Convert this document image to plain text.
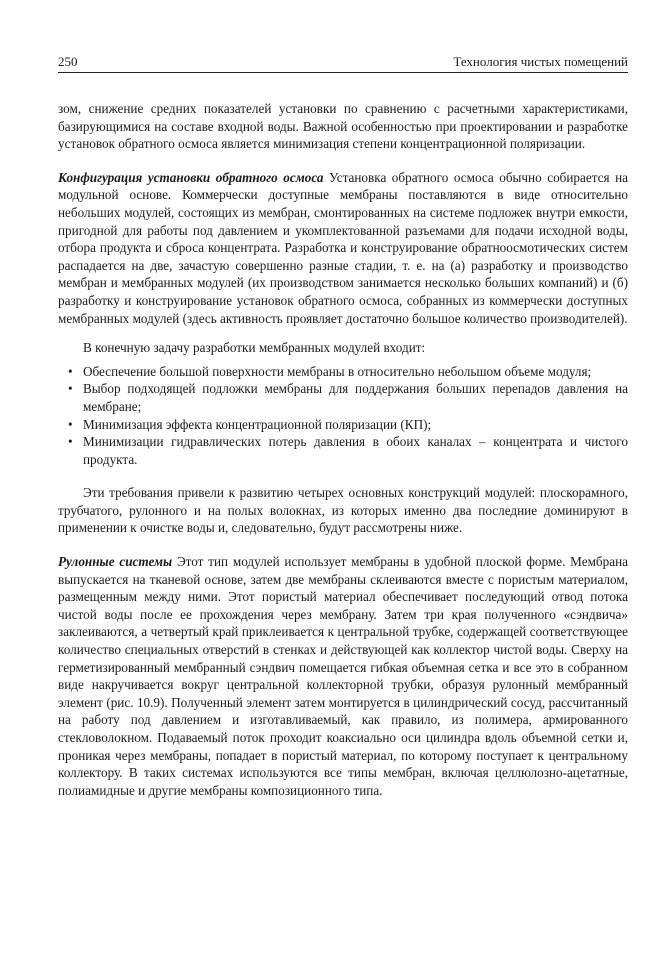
250	Технология чистых помещений

зом, снижение средних показателей установки по сравнению с расчетными характеристиками, базирующимися на составе входной воды. Важной особенностью при проектировании и разработке установок обратного осмоса является минимизация степени концентрационной поляризации.

Конфигурация установки обратного осмоса Установка обратного осмоса обычно собирается на модульной основе. Коммерчески доступные мембраны поставляются в виде относительно небольших модулей, состоящих из мембран, смонтированных на системе подложек внутри емкости, пригодной для работы под давлением и укомплектованной разъемами для подачи исходной воды, отбора продукта и сброса концентрата. Разработка и конструирование обратноосмотических систем распадается на две, зачастую совершенно разные стадии, т. е. на (а) разработку и производство мембран и мембранных модулей (их производством занимается несколько больших компаний) и (б) разработку и конструирование установок обратного осмоса, собранных из коммерчески доступных мембранных модулей (здесь активность проявляет достаточно большое количество производителей).

В конечную задачу разработки мембранных модулей входит:

• Обеспечение большой поверхности мембраны в относительно небольшом объеме модуля;
• Выбор подходящей подложки мембраны для поддержания больших перепадов давления на мембране;
• Минимизация эффекта концентрационной поляризации (КП);
• Минимизации гидравлических потерь давления в обоих каналах – концентрата и чистого продукта.

Эти требования привели к развитию четырех основных конструкций модулей: плоскорамного, трубчатого, рулонного и на полых волокнах, из которых именно два последние доминируют в применении к очистке воды и, следовательно, будут рассмотрены ниже.

Рулонные системы Этот тип модулей использует мембраны в удобной плоской форме. Мембрана выпускается на тканевой основе, затем две мембраны склеиваются вместе с пористым материалом, размещенным между ними. Этот пористый материал обеспечивает последующий отвод потока чистой воды после ее прохождения через мембрану. Затем три края полученного «сэндвича» заклеиваются, а четвертый край приклеивается к центральной трубке, содержащей соответствующее количество специальных отверстий в стенках и действующей как коллектор чистой воды. Сверху на герметизированный мембранный сэндвич помещается гибкая объемная сетка и все это в собранном виде накручивается вокруг центральной коллекторной трубки, образуя рулонный мембранный элемент (рис. 10.9). Полученный элемент затем монтируется в цилиндрический сосуд, рассчитанный на работу под давлением и изготавливаемый, как правило, из полимера, армированного стекловолокном. Подаваемый поток проходит коаксиально оси цилиндра вдоль объемной сетки и, проникая через мембраны, попадает в пористый материал, по которому поступает к центральному коллектору. В таких системах используются все типы мембран, включая целлюлозно-ацетатные, полиамидные и другие мембраны композиционного типа.
